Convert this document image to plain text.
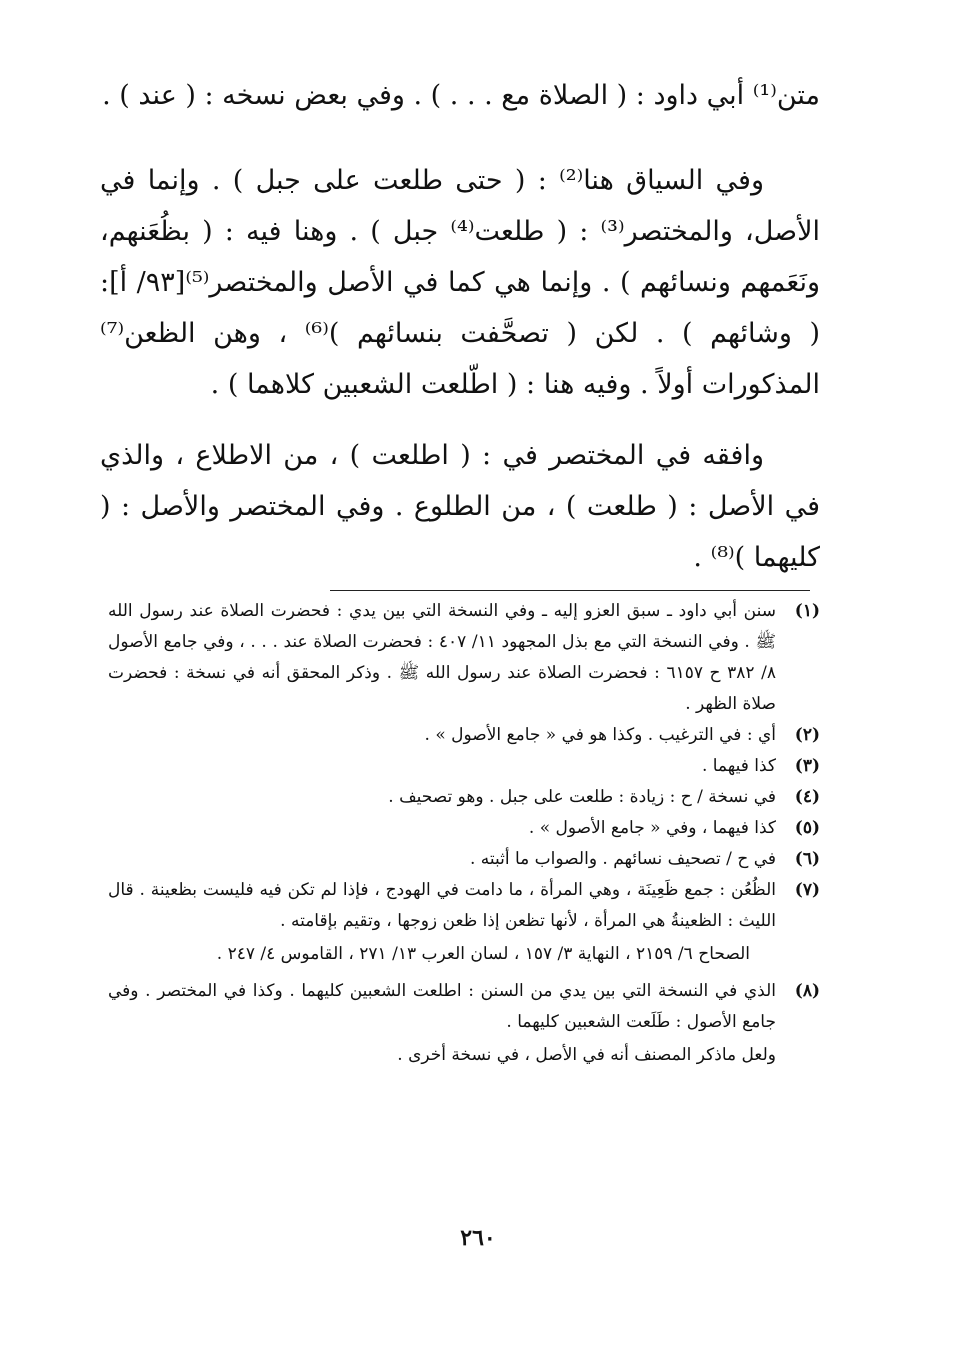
متن⁽¹⁾ أبي داود : ( الصلاة مع . . . ) . وفي بعض نسخه : ( عند ) .

وفي السياق هنا⁽²⁾ : ( حتى طلعت على جبل ) . وإنما في الأصل، والمختصر⁽³⁾ : ( طلعت⁽⁴⁾ جبل ) . وهنا فيه : ( بظُعَنهم، ونَعَمهم ونسائهم ) . وإنما هي كما في الأصل والمختصر⁽⁵⁾[٩٣/ أ]: ( وشائهم ) . لكن ( تصحَّفت بنسائهم )⁽⁶⁾ ، وهن الظعن⁽⁷⁾ المذكورات أولاً . وفيه هنا : ( اطّلعت الشعبين كلاهما ) .

وافقه في المختصر في : ( اطلعت ) ، من الاطلاع ، والذي في الأصل : ( طلعت ) ، من الطلوع . وفي المختصر والأصل : ( كليهما )⁽⁸⁾ .

(١)
سنن أبي داود ـ سبق العزو إليه ـ وفي النسخة التي بين يدي : فحضرت الصلاة عند رسول الله ﷺ . وفي النسخة التي مع بذل المجهود ١١/ ٤٠٧ : فحضرت الصلاة عند . . . ، وفي جامع الأصول ٨/ ٣٨٢ ح ٦١٥٧ : فحضرت الصلاة عند رسول الله ﷺ . وذكر المحقق أنه في نسخة : فحضرت صلاة الظهر .
(٢)
أي : في الترغيب . وكذا هو في « جامع الأصول » .
(٣)
كذا فيهما .
(٤)
في نسخة / ح : زيادة : طلعت على جبل . وهو تصحيف .
(٥)
كذا فيهما ، وفي « جامع الأصول » .
(٦)
في ح / تصحيف نسائهم . والصواب ما أثبته .
(٧)
الظُعُن : جمع ظَعِينَة ، وهي المرأة ، ما دامت في الهودج ، فإذا لم تكن فيه فليست بظعينة . قال الليث : الظعينةُ هي المرأة ، لأنها تظعن إذا ظعن زوجها ، وتقيم بإقامته .
الصحاح ٦/ ٢١٥٩ ، النهاية ٣/ ١٥٧ ، لسان العرب ١٣/ ٢٧١ ، القاموس ٤/ ٢٤٧ .
(٨)
الذي في النسخة التي بين يدي من السنن : اطلعت الشعبين كليهما . وكذا في المختصر . وفي جامع الأصول : طَلَعت الشعبين كليهما .
ولعل ماذكر المصنف أنه في الأصل ، في نسخة أخرى .
٢٦٠
